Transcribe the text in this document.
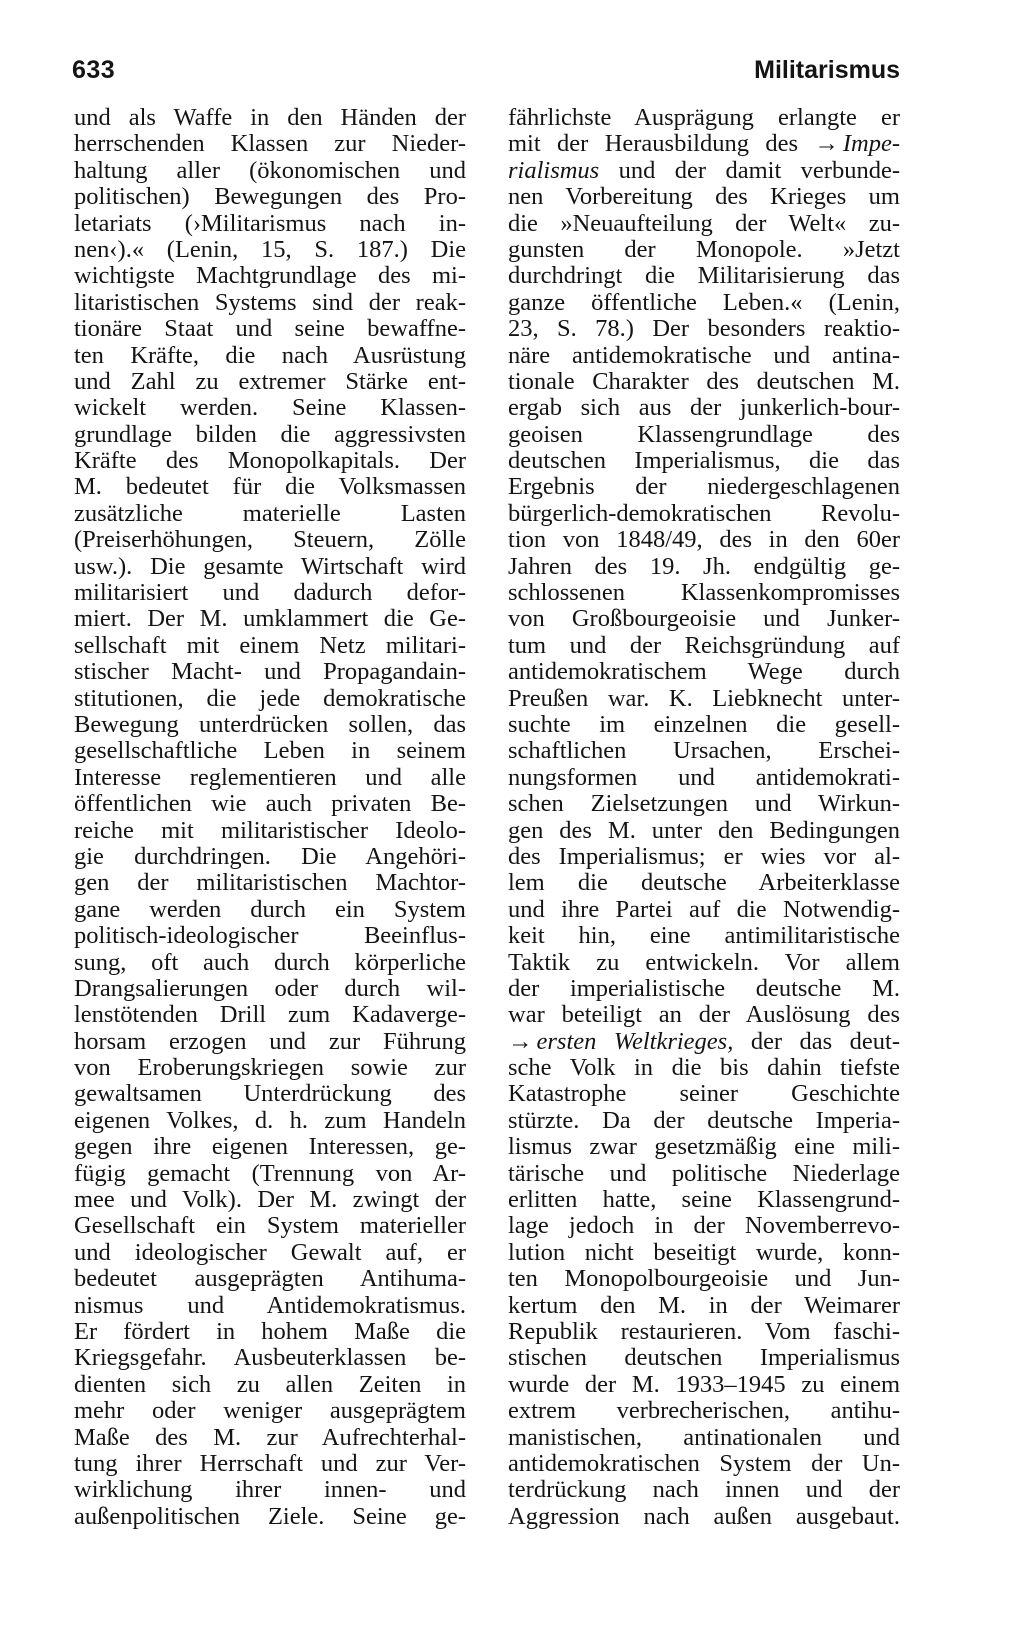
633	Militarismus
und als Waffe in den Händen der
herrschenden Klassen zur Nieder-
haltung aller (ökonomischen und
politischen) Bewegungen des Pro-
letariats (›Militarismus nach in-
nen‹).« (Lenin, 15, S. 187.) Die
wichtigste Machtgrundlage des mi-
litaristischen Systems sind der reak-
tionäre Staat und seine bewaffne-
ten Kräfte, die nach Ausrüstung
und Zahl zu extremer Stärke ent-
wickelt werden. Seine Klassen-
grundlage bilden die aggressivsten
Kräfte des Monopolkapitals. Der
M. bedeutet für die Volksmassen
zusätzliche materielle Lasten
(Preiserhöhungen, Steuern, Zölle
usw.). Die gesamte Wirtschaft wird
militarisiert und dadurch defor-
miert. Der M. umklammert die Ge-
sellschaft mit einem Netz militari-
stischer Macht- und Propagandain-
stitutionen, die jede demokratische
Bewegung unterdrücken sollen, das
gesellschaftliche Leben in seinem
Interesse reglementieren und alle
öffentlichen wie auch privaten Be-
reiche mit militaristischer Ideolo-
gie durchdringen. Die Angehöri-
gen der militaristischen Machtor-
gane werden durch ein System
politisch-ideologischer Beeinflus-
sung, oft auch durch körperliche
Drangsalierungen oder durch wil-
lenstötenden Drill zum Kadaverge-
horsam erzogen und zur Führung
von Eroberungskriegen sowie zur
gewaltsamen Unterdrückung des
eigenen Volkes, d. h. zum Handeln
gegen ihre eigenen Interessen, ge-
fügig gemacht (Trennung von Ar-
mee und Volk). Der M. zwingt der
Gesellschaft ein System materieller
und ideologischer Gewalt auf, er
bedeutet ausgeprägten Antihuma-
nismus und Antidemokratismus.
Er fördert in hohem Maße die
Kriegsgefahr. Ausbeuterklassen be-
dienten sich zu allen Zeiten in
mehr oder weniger ausgeprägtem
Maße des M. zur Aufrechterhal-
tung ihrer Herrschaft und zur Ver-
wirklichung ihrer innen- und
außenpolitischen Ziele. Seine ge-
fährlichste Ausprägung erlangte er
mit der Herausbildung des → Impe-
rialismus und der damit verbunde-
nen Vorbereitung des Krieges um
die »Neuaufteilung der Welt« zu-
gunsten der Monopole. »Jetzt
durchdringt die Militarisierung das
ganze öffentliche Leben.« (Lenin,
23, S. 78.) Der besonders reaktio-
näre antidemokratische und antina-
tionale Charakter des deutschen M.
ergab sich aus der junkerlich-bour-
geoisen Klassengrundlage des
deutschen Imperialismus, die das
Ergebnis der niedergeschlagenen
bürgerlich-demokratischen Revolu-
tion von 1848/49, des in den 60er
Jahren des 19. Jh. endgültig ge-
schlossenen Klassenkompromisses
von Großbourgeoisie und Junker-
tum und der Reichsgründung auf
antidemokratischem Wege durch
Preußen war. K. Liebknecht unter-
suchte im einzelnen die gesell-
schaftlichen Ursachen, Erschei-
nungsformen und antidemokrati-
schen Zielsetzungen und Wirkun-
gen des M. unter den Bedingungen
des Imperialismus; er wies vor al-
lem die deutsche Arbeiterklasse
und ihre Partei auf die Notwendig-
keit hin, eine antimilitaristische
Taktik zu entwickeln. Vor allem
der imperialistische deutsche M.
war beteiligt an der Auslösung des
→ ersten Weltkrieges, der das deut-
sche Volk in die bis dahin tiefste
Katastrophe seiner Geschichte
stürzte. Da der deutsche Imperia-
lismus zwar gesetzmäßig eine mili-
tärische und politische Niederlage
erlitten hatte, seine Klassengrund-
lage jedoch in der Novemberrevo-
lution nicht beseitigt wurde, konn-
ten Monopolbourgeoisie und Jun-
kertum den M. in der Weimarer
Republik restaurieren. Vom faschi-
stischen deutschen Imperialismus
wurde der M. 1933–1945 zu einem
extrem verbrecherischen, antihu-
manistischen, antinationalen und
antidemokratischen System der Un-
terdrückung nach innen und der
Aggression nach außen ausgebaut.
